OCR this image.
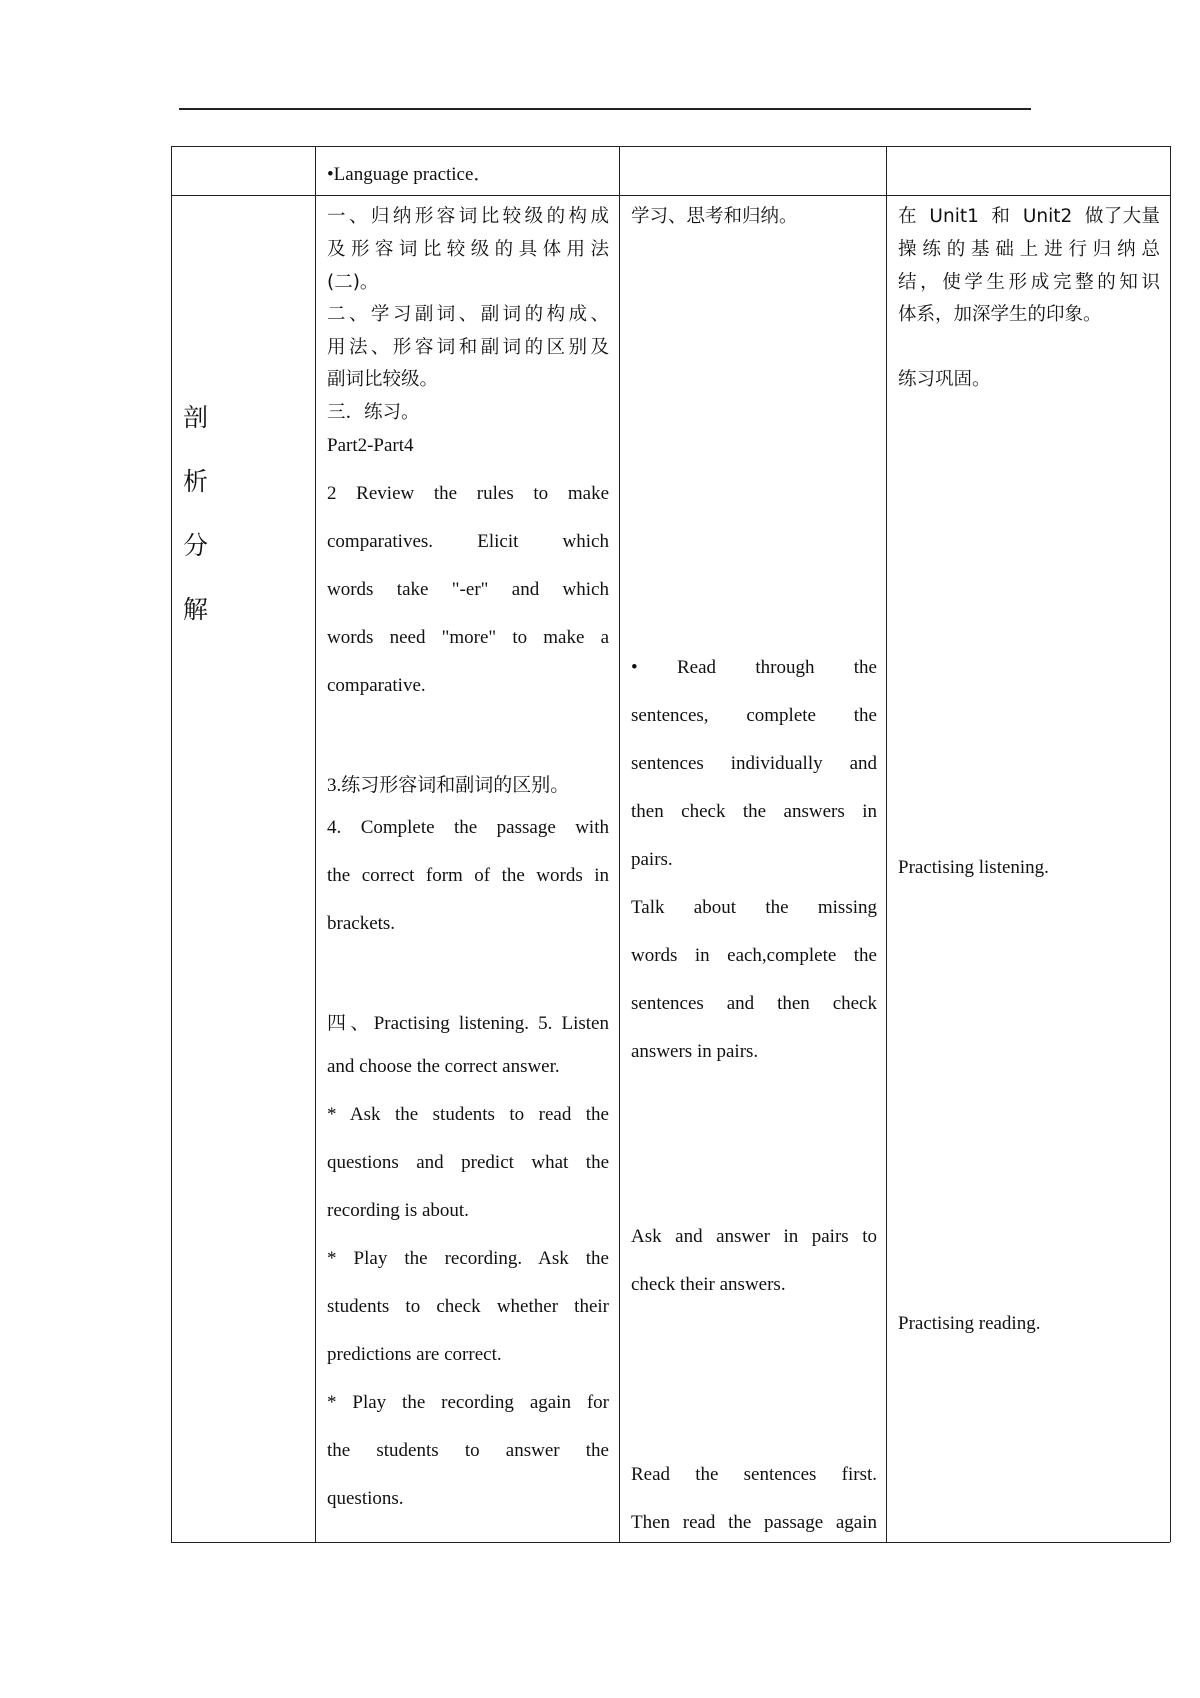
•Language practice．
剖
析
分
解
一、归纳形容词比较级的构成
及形容词比较级的具体用法
(二)。
二、学习副词、副词的构成、
用法、形容词和副词的区别及
副词比较级。
三．练习。
Part2-Part4
2   Review   the   rules   to   make
comparatives.    Elicit    which
words   take   "-er"   and   which
words  need  "more"  to  make  a
comparative.
3.练习形容词和副词的区别。
4.  Complete  the  passage  with
the correct form of the words in
brackets.
四、Practising listening. 5. Listen
and choose the correct answer.
*  Ask  the  students  to  read  the
questions  and  predict  what  the
recording is about.
*  Play  the  recording.  Ask  the
students  to  check  whether  their
predictions are correct.
*  Play  the  recording  again  for
the    students    to    answer    the
questions.
学习、思考和归纳。
•    Read    through    the
sentences,    complete    the
sentences  individually  and
then  check  the  answers  in
pairs.
Talk    about    the    missing
words  in  each,complete  the
sentences   and   then   check
answers in pairs.
Ask  and  answer  in  pairs  to
check their answers.
Read   the   sentences   first.
Then read the passage again
在  Unit1  和  Unit2  做了大量
操练的基础上进行归纳总
结，使学生形成完整的知识
体系，加深学生的印象。
练习巩固。
Practising listening.
Practising reading.
